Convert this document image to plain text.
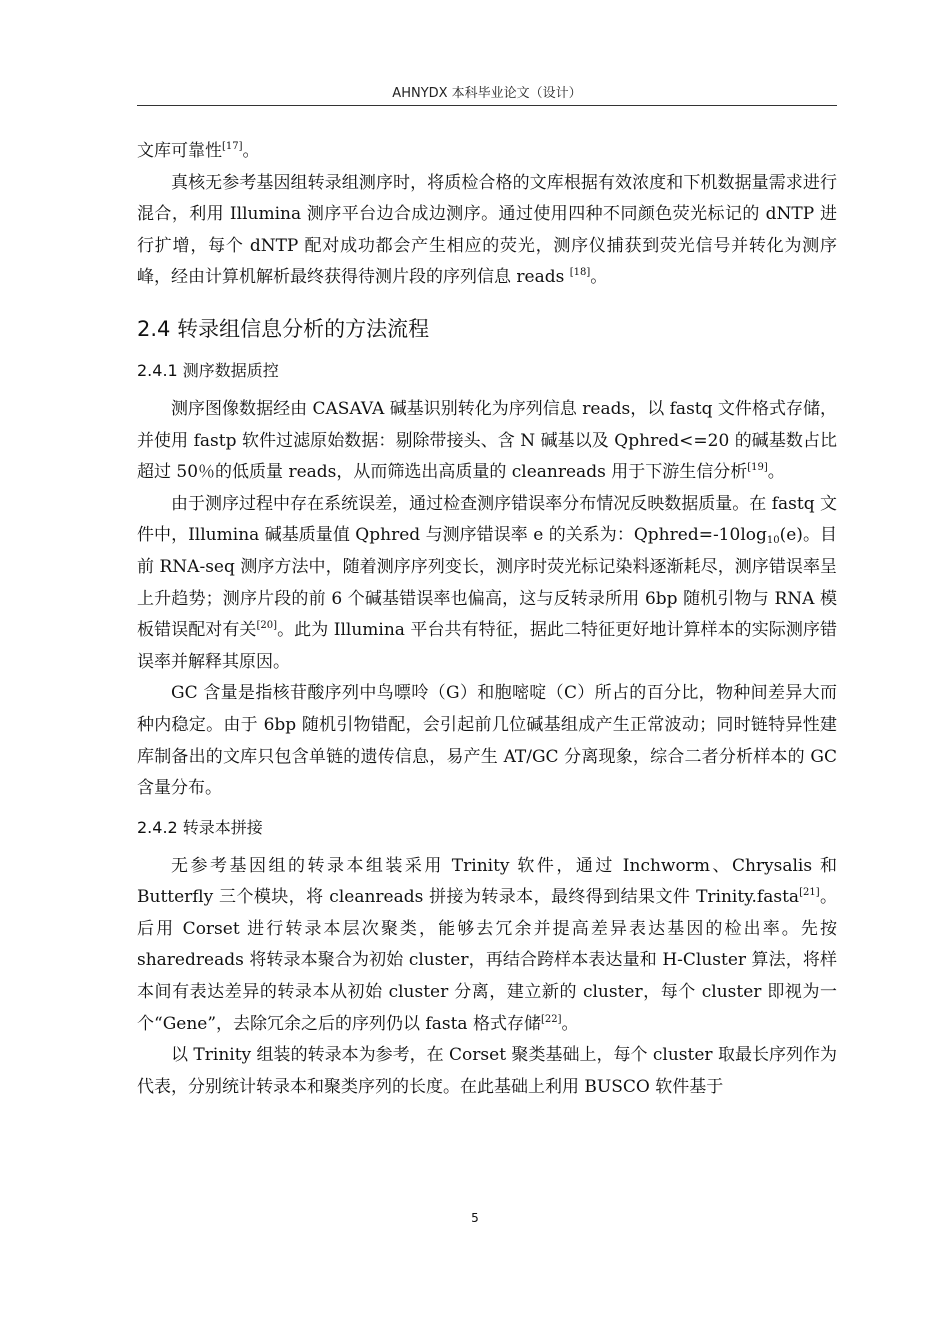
AHNYDX 本科毕业论文（设计）

文库可靠性[17]。

真核无参考基因组转录组测序时，将质检合格的文库根据有效浓度和下机数据量需求进行混合，利用 Illumina 测序平台边合成边测序。通过使用四种不同颜色荧光标记的 dNTP 进行扩增，每个 dNTP 配对成功都会产生相应的荧光，测序仪捕获到荧光信号并转化为测序峰，经由计算机解析最终获得待测片段的序列信息 reads [18]。

2.4 转录组信息分析的方法流程
2.4.1 测序数据质控

测序图像数据经由 CASAVA 碱基识别转化为序列信息 reads，以 fastq 文件格式存储，并使用 fastp 软件过滤原始数据：剔除带接头、含 N 碱基以及 Qphred<=20 的碱基数占比超过 50％的低质量 reads，从而筛选出高质量的 cleanreads 用于下游生信分析[19]。

由于测序过程中存在系统误差，通过检查测序错误率分布情况反映数据质量。在 fastq 文件中，Illumina 碱基质量值 Qphred 与测序错误率 e 的关系为：$Qphred=-10\log_{10}(e)$。目前 RNA-seq 测序方法中，随着测序序列变长，测序时荧光标记染料逐渐耗尽，测序错误率呈上升趋势；测序片段的前 6 个碱基错误率也偏高，这与反转录所用 6bp 随机引物与 RNA 模板错误配对有关[20]。此为 Illumina 平台共有特征，据此二特征更好地计算样本的实际测序错误率并解释其原因。

GC 含量是指核苷酸序列中鸟嘌呤（G）和胞嘧啶（C）所占的百分比，物种间差异大而种内稳定。由于 6bp 随机引物错配，会引起前几位碱基组成产生正常波动；同时链特异性建库制备出的文库只包含单链的遗传信息，易产生 AT/GC 分离现象，综合二者分析样本的 GC 含量分布。

2.4.2 转录本拼接

无参考基因组的转录本组装采用 Trinity 软件，通过 Inchworm、Chrysalis 和 Butterfly 三个模块，将 cleanreads 拼接为转录本，最终得到结果文件 Trinity.fasta[21]。后用 Corset 进行转录本层次聚类，能够去冗余并提高差异表达基因的检出率。先按 sharedreads 将转录本聚合为初始 cluster，再结合跨样本表达量和 H-Cluster 算法，将样本间有表达差异的转录本从初始 cluster 分离，建立新的 cluster，每个 cluster 即视为一个“Gene”，去除冗余之后的序列仍以 fasta 格式存储[22]。

以 Trinity 组装的转录本为参考，在 Corset 聚类基础上，每个 cluster 取最长序列作为代表，分别统计转录本和聚类序列的长度。在此基础上利用 BUSCO 软件基于

5
